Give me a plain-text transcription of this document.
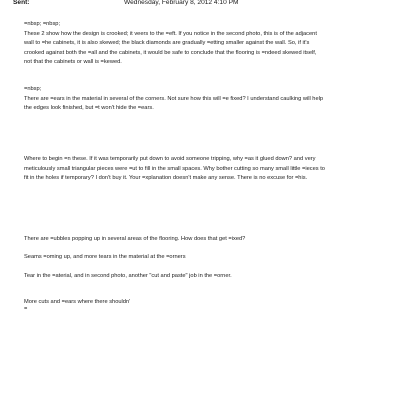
Sent:	Wednesday, February 8, 2012 4:10 PM

=nbsp; =nbsp;
These 2 show how the design is crooked; it veers to the =eft. If you notice in the second photo, this is of the adjacent
wall to =he cabinets, it is also skewed; the black diamonds are gradually =etting smaller against the wall. So, if it's
crooked against both the =all and the cabinets, it would be safe to conclude that the flooring is =ndeed skewed itself,
not that the cabinets or wall is =kewed.

=nbsp;
There are =ears in the material in several of the corners. Not sure how this will =e fixed? I understand caulking will help
the edges look finished, but =t won't hide the =ears.

Where to begin =n these. If it was temporarily put down to avoid someone tripping, why =as it glued down? and very
meticulously small triangular pieces were =ut to fill in the small spaces. Why bother cutting so many small little =ieces to
fit in the holes if temporary? I don't buy it. Your =xplanation doesn't make any sense. There is no excuse for =his.

There are =ubbles popping up in several areas of the flooring. How does that get =ixed?

Seams =oming up, and more tears in the material at the =orners

Tear in the =aterial, and in second photo, another "cut and paste" job in the =orner.

More cuts and =ears where there shouldn'
=
